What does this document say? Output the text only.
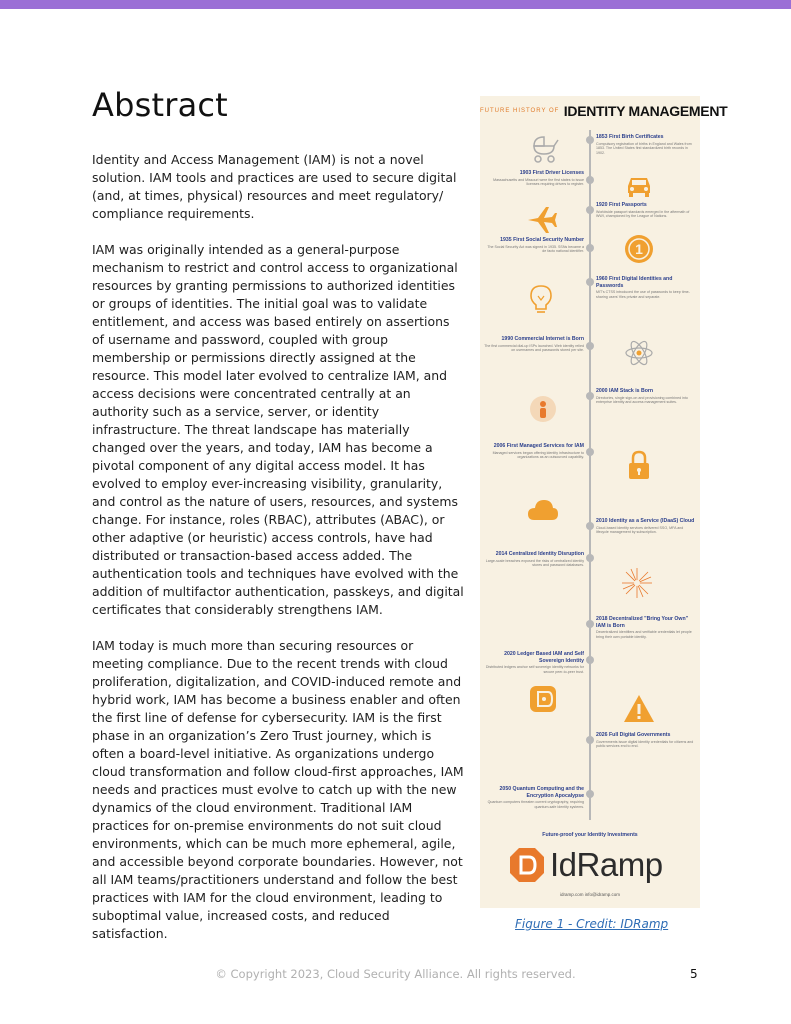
Abstract

Identity and Access Management (IAM) is not a novel solution. IAM tools and practices are used to secure digital (and, at times, physical) resources and meet regulatory/ compliance requirements.

IAM was originally intended as a general-purpose mechanism to restrict and control access to organizational resources by granting permissions to authorized identities or groups of identities. The initial goal was to validate entitlement, and access was based entirely on assertions of username and password, coupled with group membership or permissions directly assigned at the resource. This model later evolved to centralize IAM, and access decisions were concentrated centrally at an authority such as a service, server, or identity infrastructure. The threat landscape has materially changed over the years, and today, IAM has become a pivotal component of any digital access model. It has evolved to employ ever-increasing visibility, granularity, and control as the nature of users, resources, and systems change. For instance, roles (RBAC), attributes (ABAC), or other adaptive (or heuristic) access controls, have had distributed or transaction-based access added. The authentication tools and techniques have evolved with the addition of multifactor authentication, passkeys, and digital certificates that considerably strengthens IAM.

IAM today is much more than securing resources or meeting compliance. Due to the recent trends with cloud proliferation, digitalization, and COVID-induced remote and hybrid work, IAM has become a business enabler and often the first line of defense for cybersecurity. IAM is the first phase in an organization’s Zero Trust journey, which is often a board-level initiative. As organizations undergo cloud transformation and follow cloud-first approaches, IAM needs and practices must evolve to catch up with the new dynamics of the cloud environment. Traditional IAM practices for on-premise environments do not suit cloud environments, which can be much more ephemeral, agile, and accessible beyond corporate boundaries. However, not all IAM teams/practitioners understand and follow the best practices with IAM for the cloud environment, leading to suboptimal value, increased costs, and reduced satisfaction.

FUTURE HISTORY OF IDENTITY MANAGEMENT
1853 First Birth Certificates
Compulsory registration of births in England and Wales from 1853. The United States first standardized birth records in 1902.
1903 First Driver Licenses
Massachusetts and Missouri were the first states to issue licenses requiring drivers to register.
1920 First Passports
Worldwide passport standards emerged in the aftermath of WWI, championed by the League of Nations.
1935 First Social Security Number
The Social Security Act was signed in 1935. SSNs became a de facto national identifier.
1960 First Digital Identities and Passwords
MIT's CTSS introduced the use of passwords to keep time-sharing users' files private and separate.
1990 Commercial Internet is Born
The first commercial dial-up ISPs launched. Web identity relied on usernames and passwords stored per site.
2000 IAM Stack is Born
Directories, single sign-on and provisioning combined into enterprise identity and access management suites.
2006 First Managed Services for IAM
Managed services began offering identity infrastructure to organizations as an outsourced capability.
2010 Identity as a Service (IDaaS) Cloud
Cloud-based identity services delivered SSO, MFA and lifecycle management by subscription.
2014 Centralized Identity Disruption
Large-scale breaches exposed the risks of centralized identity stores and password databases.
2018 Decentralized "Bring Your Own" IAM is Born
Decentralized identifiers and verifiable credentials let people bring their own portable identity.
2020 Ledger Based IAM and Self Sovereign Identity
Distributed ledgers anchor self sovereign identity networks for secure peer-to-peer trust.
2026 Full Digital Governments
Governments issue digital identity credentials for citizens and public services end to end.
2050 Quantum Computing and the Encryption Apocalypse
Quantum computers threaten current cryptography, requiring quantum-safe identity systems.
1
Future-proof your Identity Investments
IdRamp
idramp.com info@idramp.com
Figure 1 - Credit: IDRamp
© Copyright 2023, Cloud Security Alliance. All rights reserved.	5
